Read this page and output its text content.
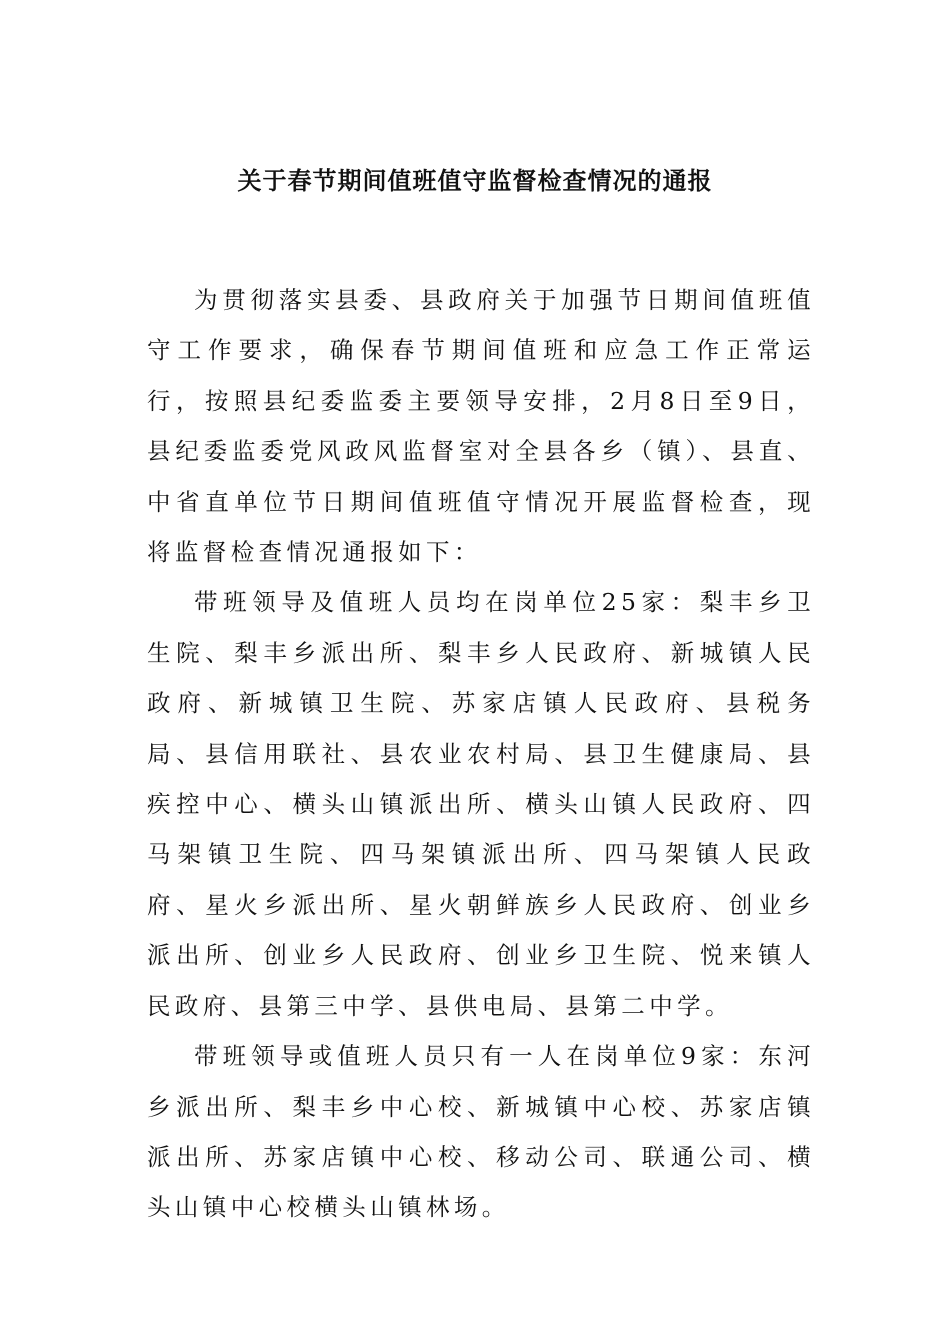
关于春节期间值班值守监督检查情况的通报

为贯彻落实县委、县政府关于加强节日期间值班值守工作要求，确保春节期间值班和应急工作正常运行，按照县纪委监委主要领导安排，2月8日至9日，县纪委监委党风政风监督室对全县各乡（镇）、县直、中省直单位节日期间值班值守情况开展监督检查，现将监督检查情况通报如下：

带班领导及值班人员均在岗单位25家：梨丰乡卫生院、梨丰乡派出所、梨丰乡人民政府、新城镇人民政府、新城镇卫生院、苏家店镇人民政府、县税务局、县信用联社、县农业农村局、县卫生健康局、县疾控中心、横头山镇派出所、横头山镇人民政府、四马架镇卫生院、四马架镇派出所、四马架镇人民政府、星火乡派出所、星火朝鲜族乡人民政府、创业乡派出所、创业乡人民政府、创业乡卫生院、悦来镇人民政府、县第三中学、县供电局、县第二中学。

带班领导或值班人员只有一人在岗单位9家：东河乡派出所、梨丰乡中心校、新城镇中心校、苏家店镇派出所、苏家店镇中心校、移动公司、联通公司、横头山镇中心校横头山镇林场。
